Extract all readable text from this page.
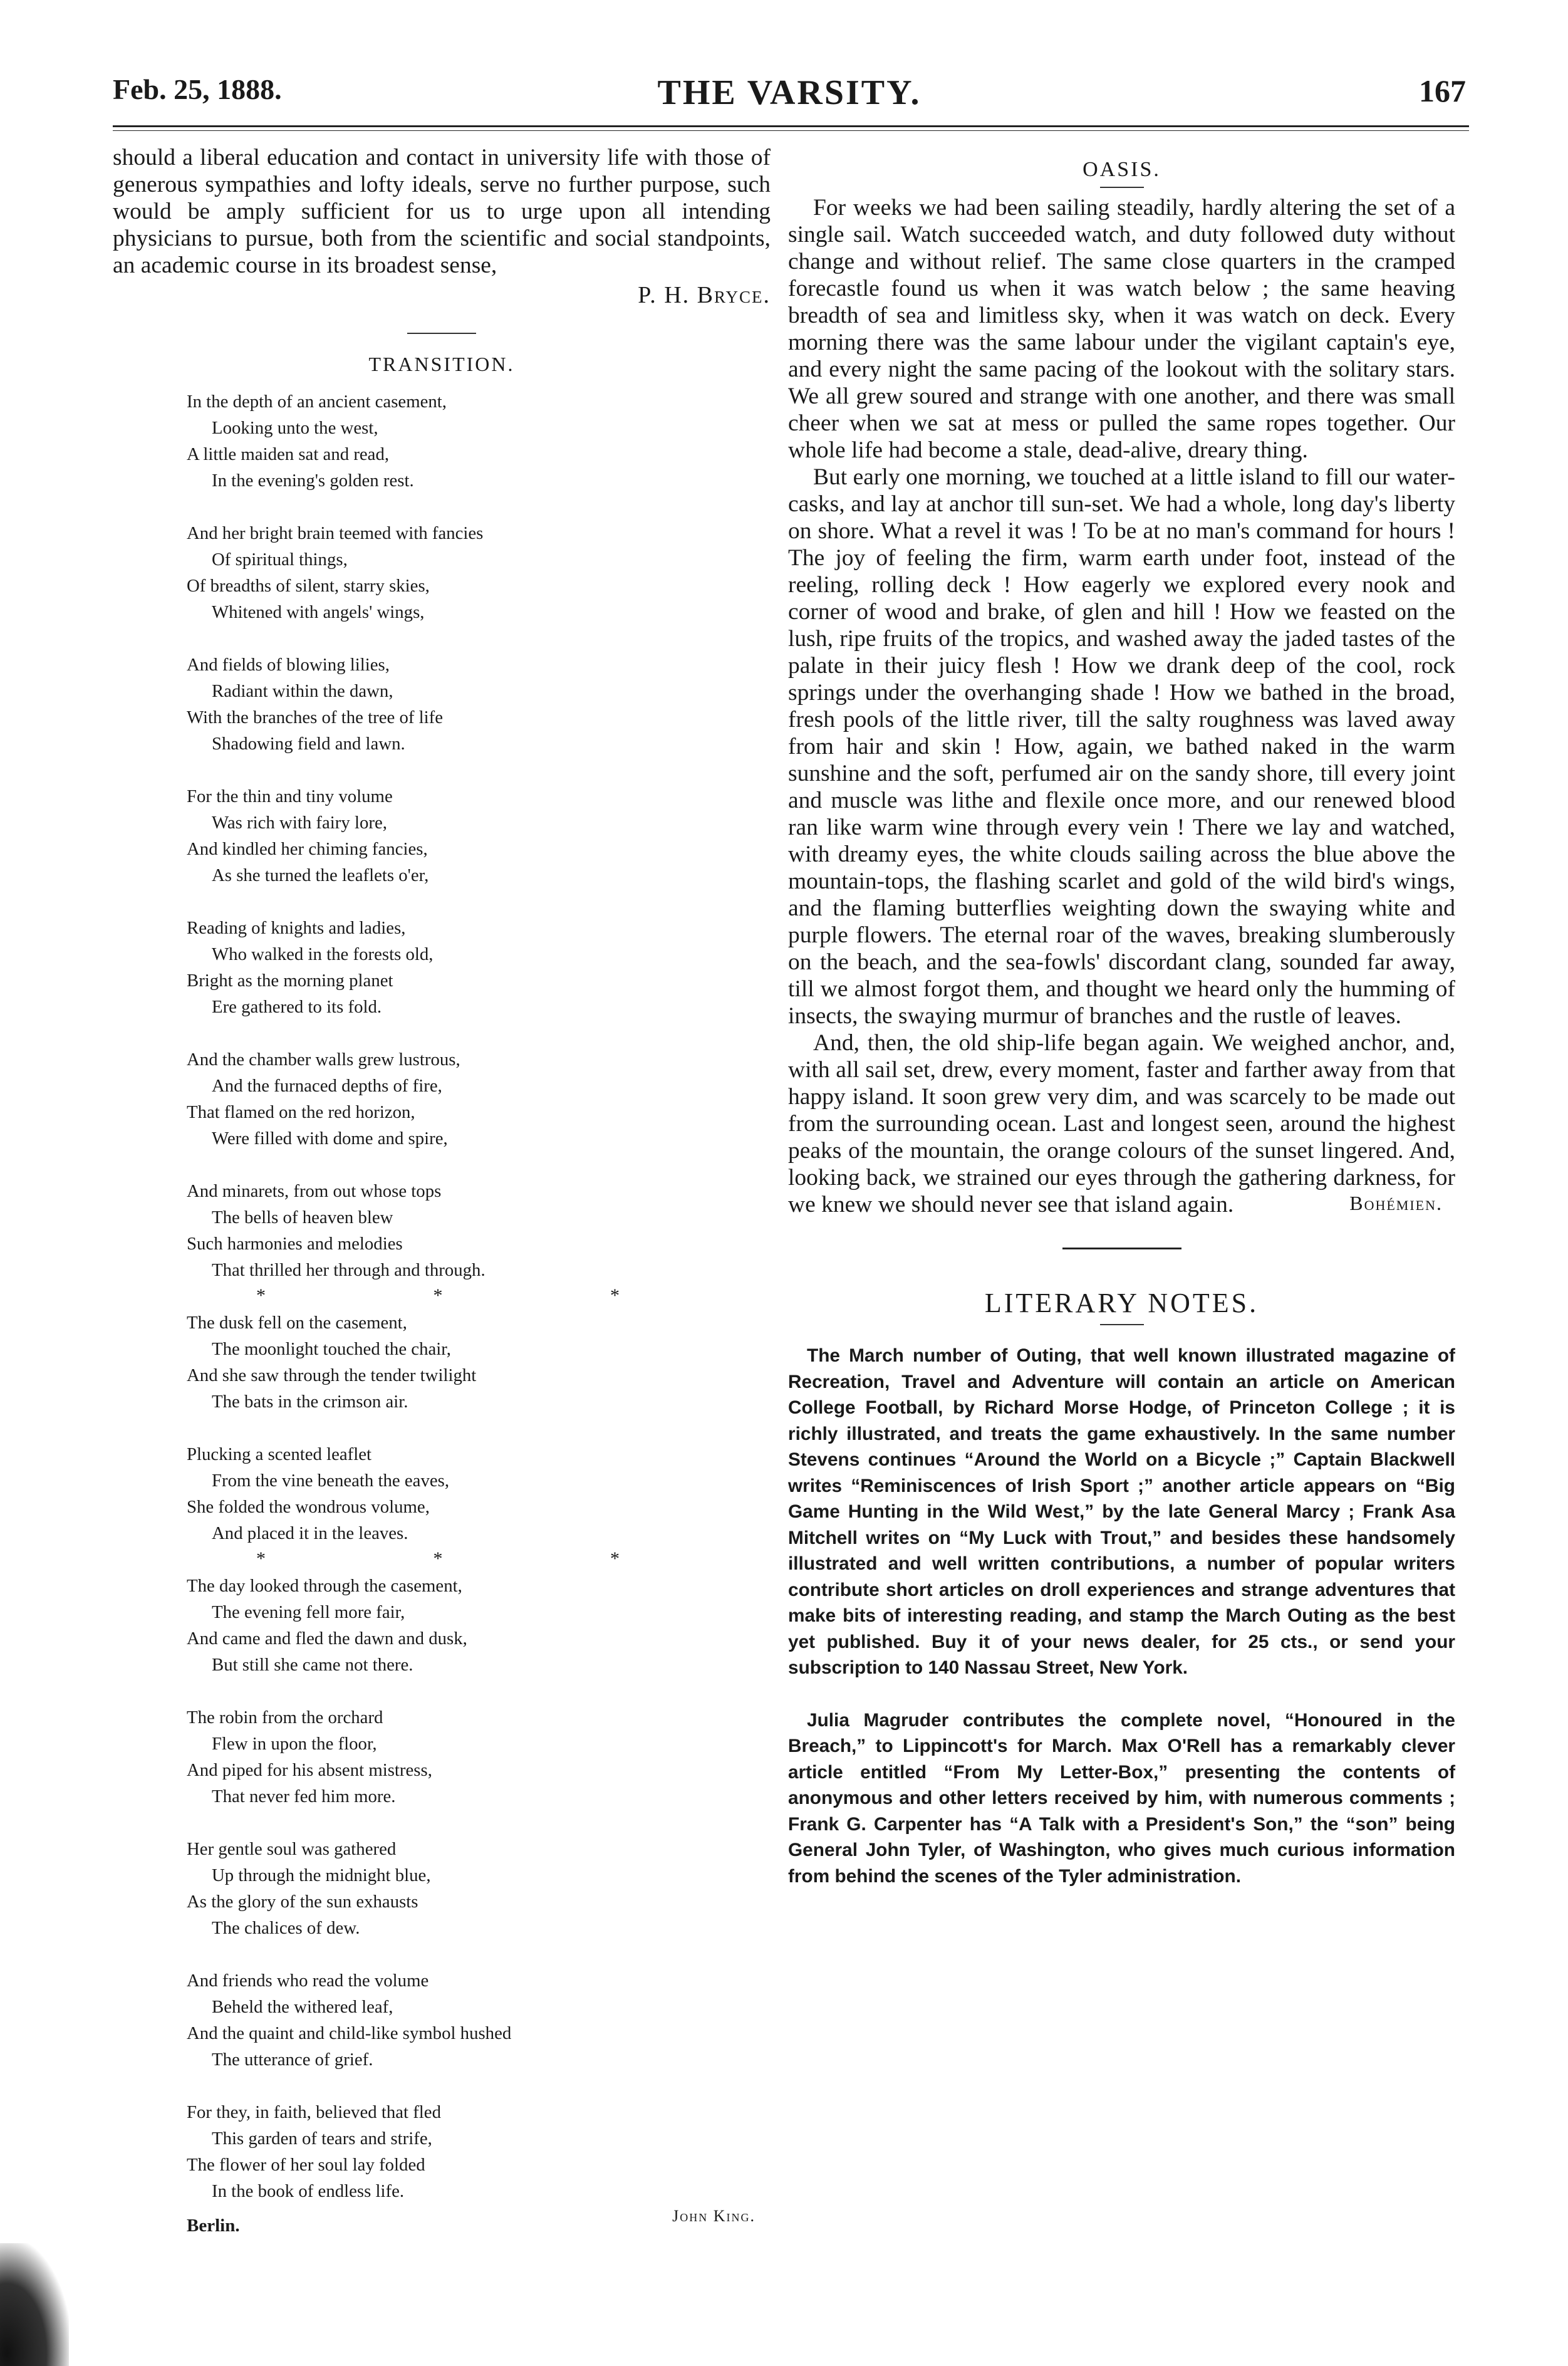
Feb. 25, 1888.	THE VARSITY.	167

should a liberal education and contact in university life with those of generous sympathies and lofty ideals, serve no further purpose, such would be amply sufficient for us to urge upon all intending physicians to pursue, both from the scientific and social standpoints, an academic course in its broadest sense,

P. H. Bryce.
TRANSITION.
In the depth of an ancient casement,
Looking unto the west,
A little maiden sat and read,
In the evening's golden rest.
And her bright brain teemed with fancies
Of spiritual things,
Of breadths of silent, starry skies,
Whitened with angels' wings,
And fields of blowing lilies,
Radiant within the dawn,
With the branches of the tree of life
Shadowing field and lawn.
For the thin and tiny volume
Was rich with fairy lore,
And kindled her chiming fancies,
As she turned the leaflets o'er,
Reading of knights and ladies,
Who walked in the forests old,
Bright as the morning planet
Ere gathered to its fold.
And the chamber walls grew lustrous,
And the furnaced depths of fire,
That flamed on the red horizon,
Were filled with dome and spire,
And minarets, from out whose tops
The bells of heaven blew
Such harmonies and melodies
That thrilled her through and through.
* * *
The dusk fell on the casement,
The moonlight touched the chair,
And she saw through the tender twilight
The bats in the crimson air.
Plucking a scented leaflet
From the vine beneath the eaves,
She folded the wondrous volume,
And placed it in the leaves.
* * *
The day looked through the casement,
The evening fell more fair,
And came and fled the dawn and dusk,
But still she came not there.
The robin from the orchard
Flew in upon the floor,
And piped for his absent mistress,
That never fed him more.
Her gentle soul was gathered
Up through the midnight blue,
As the glory of the sun exhausts
The chalices of dew.
And friends who read the volume
Beheld the withered leaf,
And the quaint and child-like symbol hushed
The utterance of grief.
For they, in faith, believed that fled
This garden of tears and strife,
The flower of her soul lay folded
In the book of endless life.
Berlin.	John King.
OASIS.

For weeks we had been sailing steadily, hardly altering the set of a single sail. Watch succeeded watch, and duty followed duty without change and without relief. The same close quarters in the cramped forecastle found us when it was watch below ; the same heaving breadth of sea and limitless sky, when it was watch on deck. Every morning there was the same labour under the vigilant captain's eye, and every night the same pacing of the lookout with the solitary stars. We all grew soured and strange with one another, and there was small cheer when we sat at mess or pulled the same ropes together. Our whole life had become a stale, dead-alive, dreary thing.

But early one morning, we touched at a little island to fill our water-casks, and lay at anchor till sun-set. We had a whole, long day's liberty on shore. What a revel it was ! To be at no man's command for hours ! The joy of feeling the firm, warm earth under foot, instead of the reeling, rolling deck ! How eagerly we explored every nook and corner of wood and brake, of glen and hill ! How we feasted on the lush, ripe fruits of the tropics, and washed away the jaded tastes of the palate in their juicy flesh ! How we drank deep of the cool, rock springs under the overhanging shade ! How we bathed in the broad, fresh pools of the little river, till the salty roughness was laved away from hair and skin ! How, again, we bathed naked in the warm sunshine and the soft, perfumed air on the sandy shore, till every joint and muscle was lithe and flexile once more, and our renewed blood ran like warm wine through every vein ! There we lay and watched, with dreamy eyes, the white clouds sailing across the blue above the mountain-tops, the flashing scarlet and gold of the wild bird's wings, and the flaming butterflies weighting down the swaying white and purple flowers. The eternal roar of the waves, breaking slumberously on the beach, and the sea-fowls' discordant clang, sounded far away, till we almost forgot them, and thought we heard only the humming of insects, the swaying murmur of branches and the rustle of leaves.

And, then, the old ship-life began again. We weighed anchor, and, with all sail set, drew, every moment, faster and farther away from that happy island. It soon grew very dim, and was scarcely to be made out from the surrounding ocean. Last and longest seen, around the highest peaks of the mountain, the orange colours of the sunset lingered. And, looking back, we strained our eyes through the gathering darkness, for we knew we should never see that island again.	Bohémien.
LITERARY NOTES.

The March number of Outing, that well known illustrated magazine of Recreation, Travel and Adventure will contain an article on American College Football, by Richard Morse Hodge, of Princeton College ; it is richly illustrated, and treats the game exhaustively. In the same number Stevens continues “Around the World on a Bicycle ;” Captain Blackwell writes “Reminiscences of Irish Sport ;” another article appears on “Big Game Hunting in the Wild West,” by the late General Marcy ; Frank Asa Mitchell writes on “My Luck with Trout,” and besides these handsomely illustrated and well written contributions, a number of popular writers contribute short articles on droll experiences and strange adventures that make bits of interesting reading, and stamp the March Outing as the best yet published. Buy it of your news dealer, for 25 cts., or send your subscription to 140 Nassau Street, New York.

Julia Magruder contributes the complete novel, “Honoured in the Breach,” to Lippincott's for March. Max O'Rell has a remarkably clever article entitled “From My Letter-Box,” presenting the contents of anonymous and other letters received by him, with numerous comments ; Frank G. Carpenter has “A Talk with a President's Son,” the “son” being General John Tyler, of Washington, who gives much curious information from behind the scenes of the Tyler administration.
